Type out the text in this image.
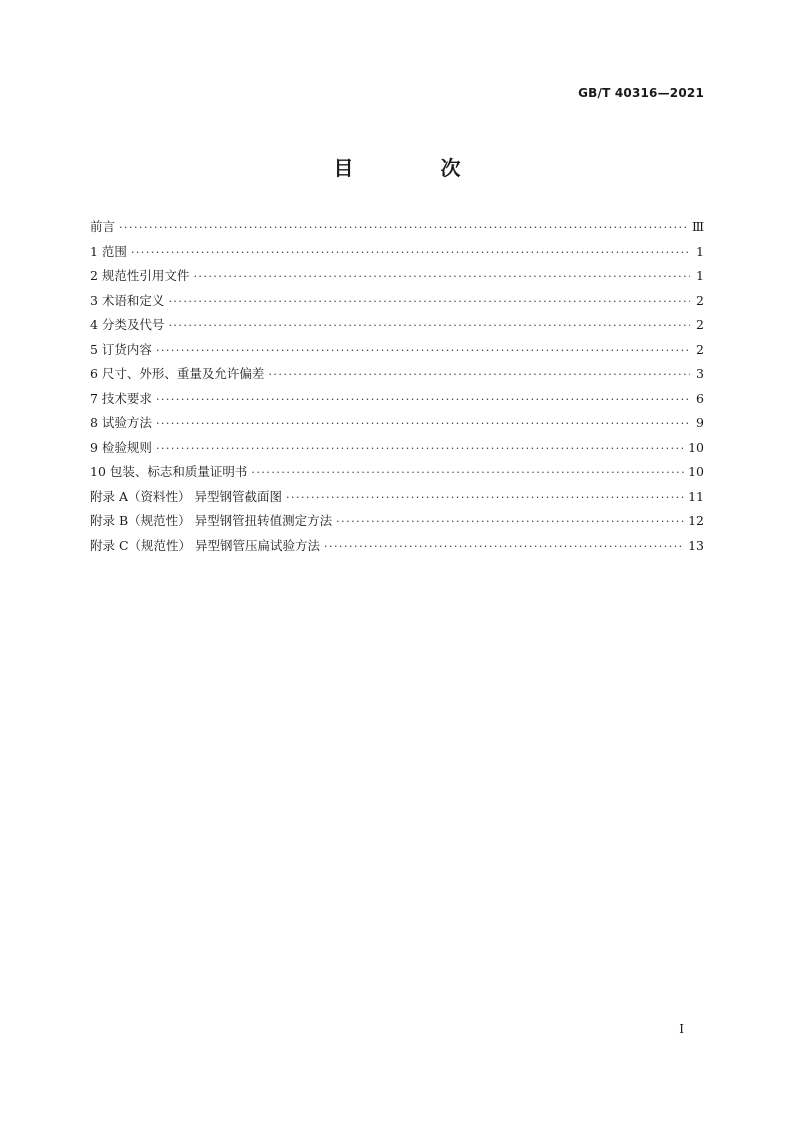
GB/T 40316—2021
目 次
前言 ·····	Ⅲ
1 范围 ·····	1
2 规范性引用文件 ·····	1
3 术语和定义 ·····	2
4 分类及代号 ·····	2
5 订货内容 ·····	2
6 尺寸、外形、重量及允许偏差 ·····	3
7 技术要求 ·····	6
8 试验方法 ·····	9
9 检验规则 ·····	10
10 包装、标志和质量证明书 ·····	10
附录 A（资料性） 异型钢管截面图 ·····	11
附录 B（规范性） 异型钢管扭转值测定方法 ·····	12
附录 C（规范性） 异型钢管压扁试验方法 ·····	13
I
